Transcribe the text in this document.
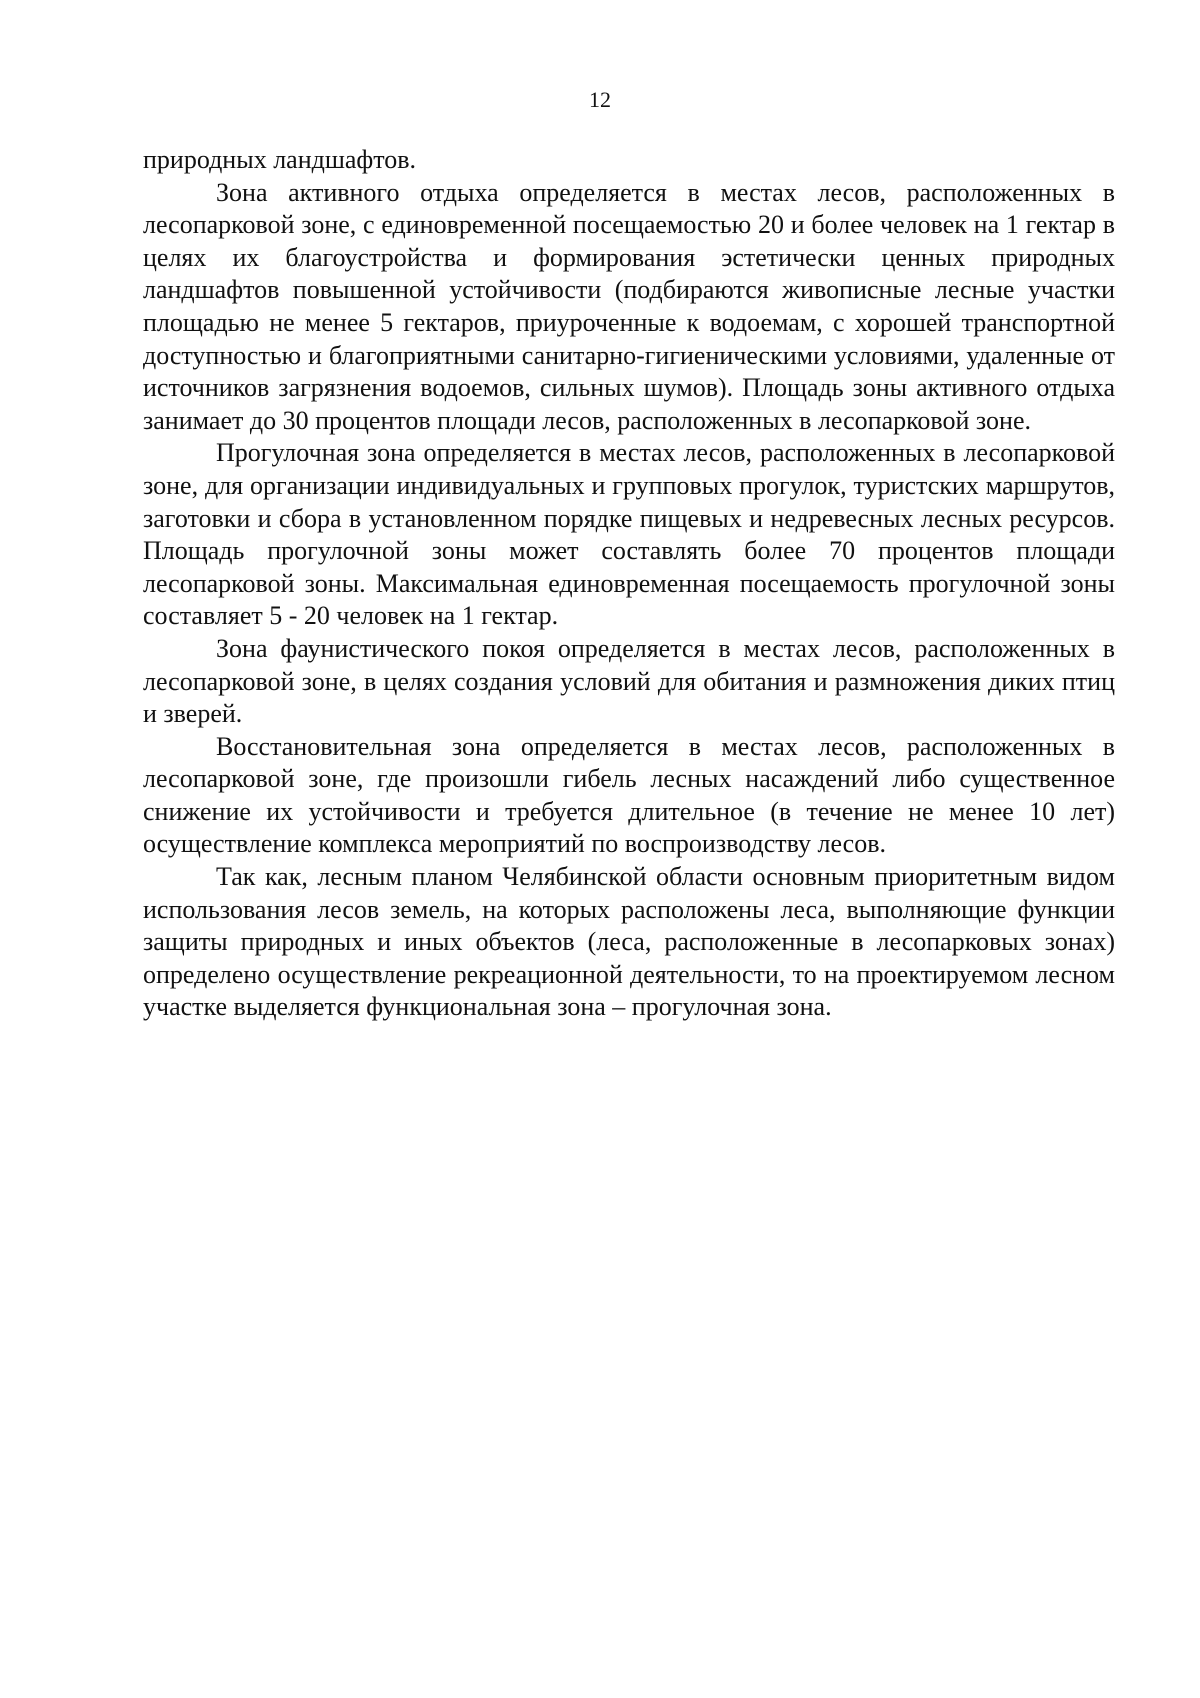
12

природных ландшафтов.

Зона активного отдыха определяется в местах лесов, расположенных в лесопарковой зоне, с единовременной посещаемостью 20 и более человек на 1 гектар в целях их благоустройства и формирования эстетически ценных природных ландшафтов повышенной устойчивости (подбираются живописные лесные участки площадью не менее 5 гектаров, приуроченные к водоемам, с хорошей транспортной доступностью и благоприятными санитарно-гигиеническими условиями, удаленные от источников загрязнения водоемов, сильных шумов). Площадь зоны активного отдыха занимает до 30 процентов площади лесов, расположенных в лесопарковой зоне.

Прогулочная зона определяется в местах лесов, расположенных в лесопарковой зоне, для организации индивидуальных и групповых прогулок, туристских маршрутов, заготовки и сбора в установленном порядке пищевых и недревесных лесных ресурсов. Площадь прогулочной зоны может составлять более 70 процентов площади лесопарковой зоны. Максимальная единовременная посещаемость прогулочной зоны составляет 5 - 20 человек на 1 гектар.

Зона фаунистического покоя определяется в местах лесов, расположенных в лесопарковой зоне, в целях создания условий для обитания и размножения диких птиц и зверей.

Восстановительная зона определяется в местах лесов, расположенных в лесопарковой зоне, где произошли гибель лесных насаждений либо существенное снижение их устойчивости и требуется длительное (в течение не менее 10 лет) осуществление комплекса мероприятий по воспроизводству лесов.

Так как, лесным планом Челябинской области основным приоритетным видом использования лесов земель, на которых расположены леса, выполняющие функции защиты природных и иных объектов (леса, расположенные в лесопарковых зонах) определено осуществление рекреационной деятельности, то на проектируемом лесном участке выделяется функциональная зона – прогулочная зона.
